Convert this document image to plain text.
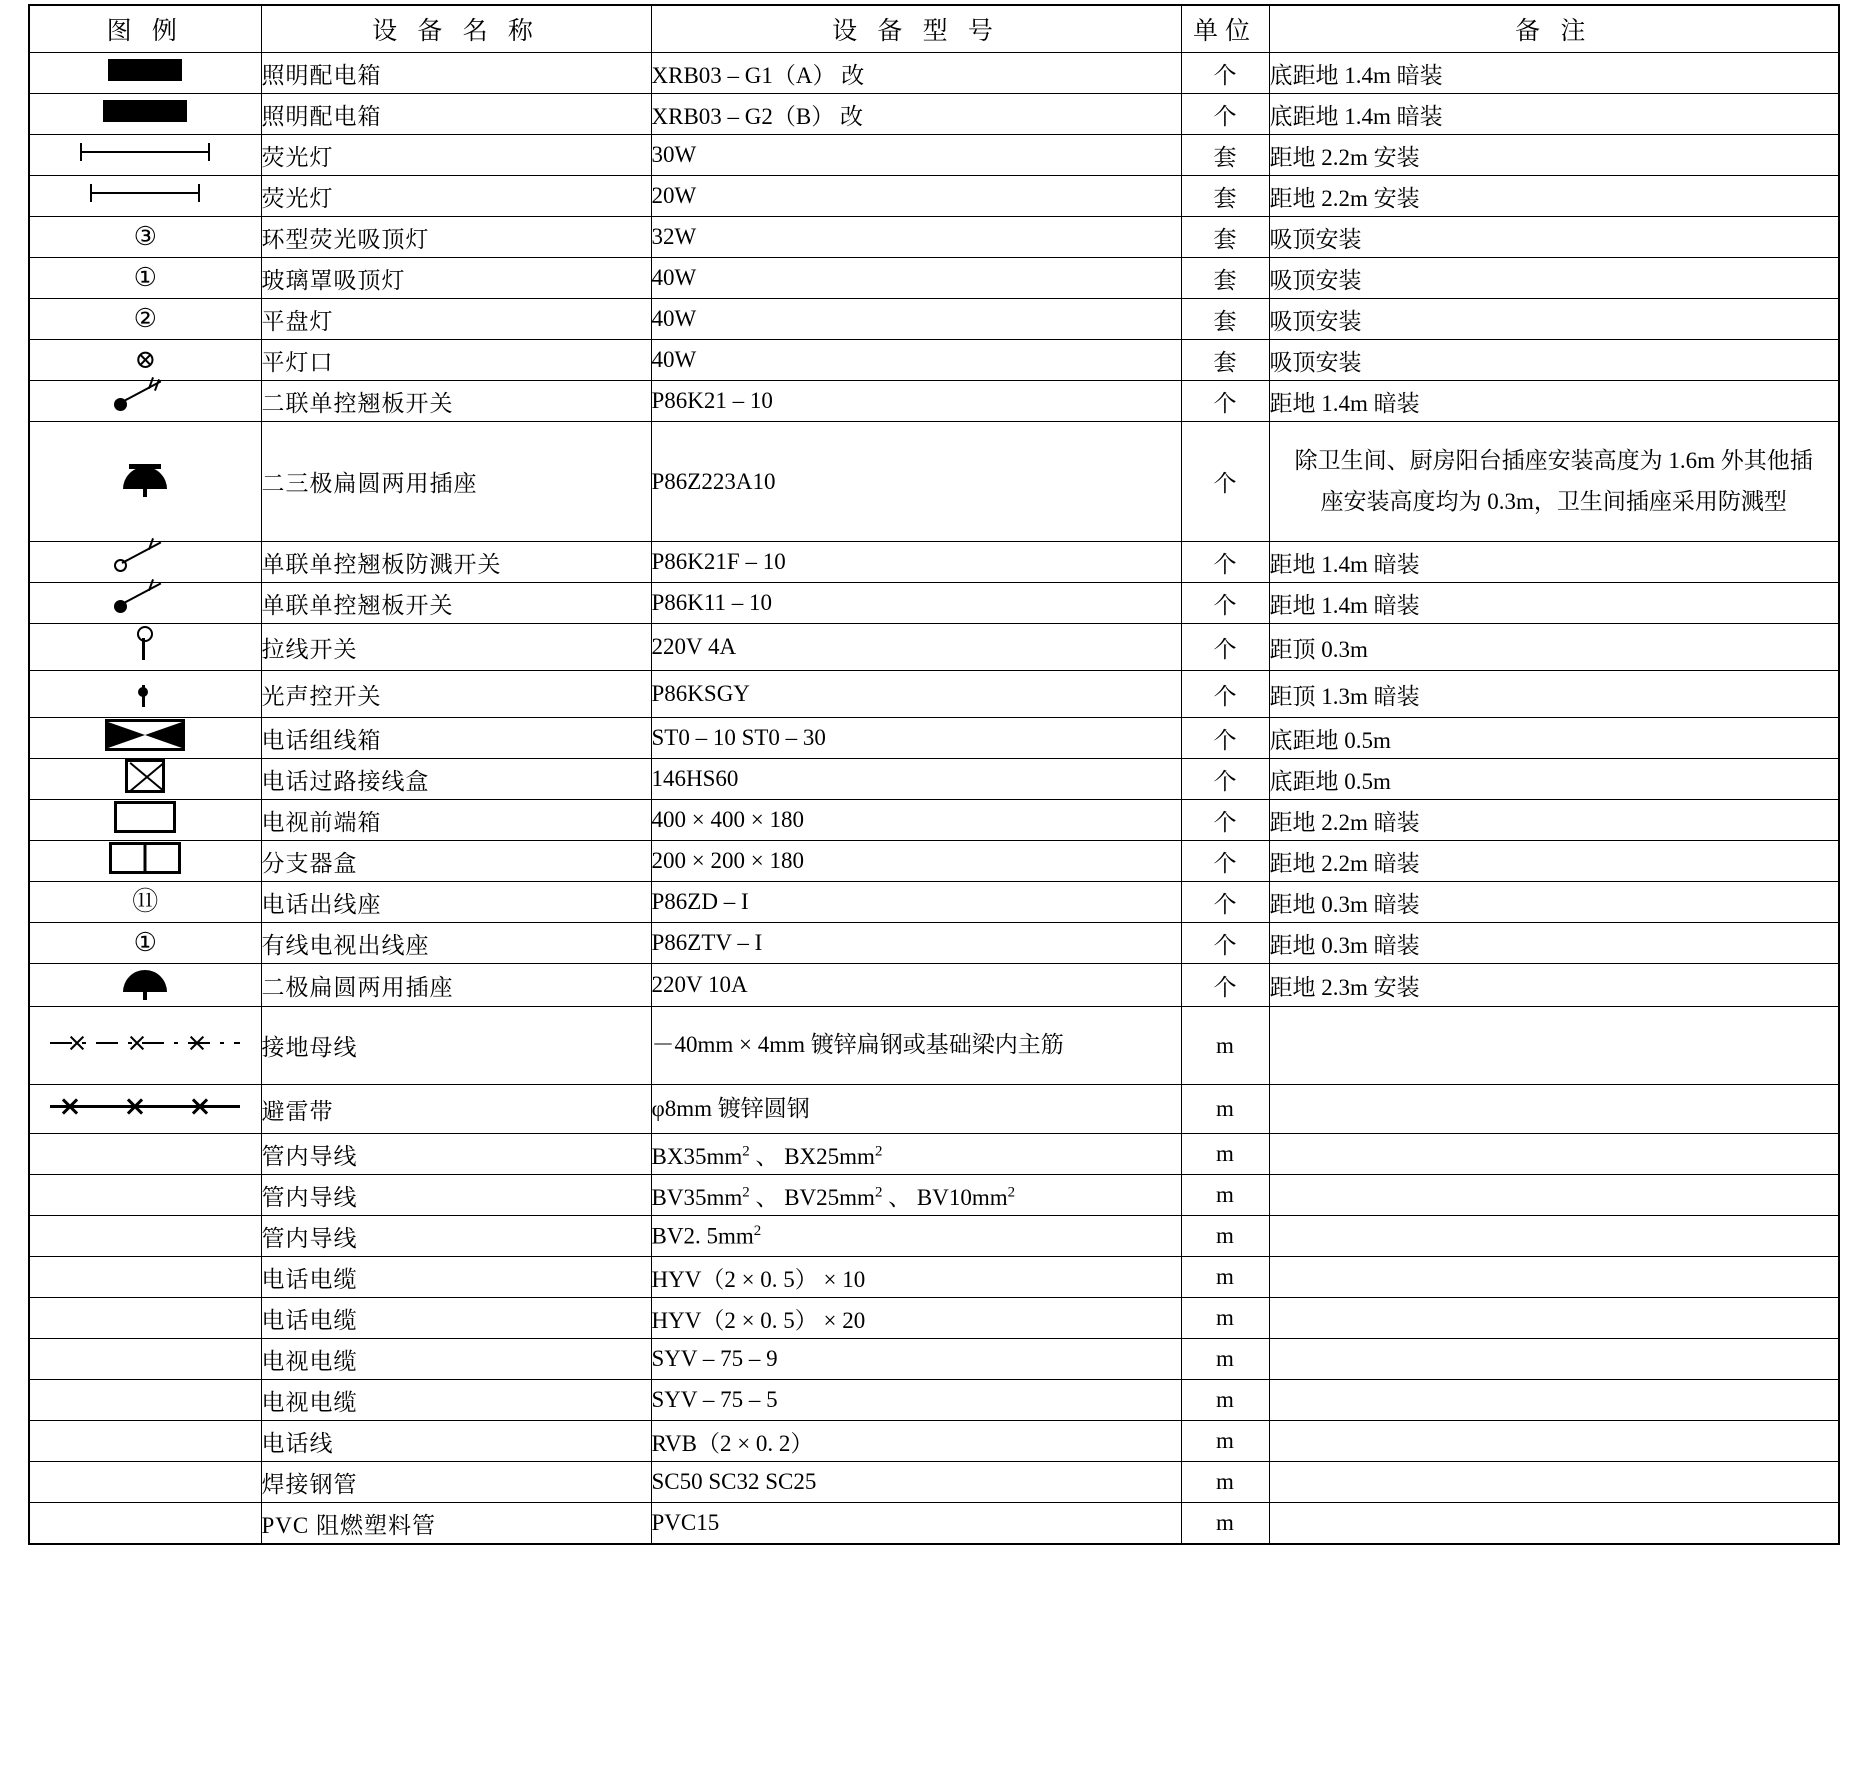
图 例	设 备 名 称	设 备 型 号	单位	备 注
	照明配电箱	XRB03 – G1（A） 改	个	底距地 1.4m 暗装
	照明配电箱	XRB03 – G2（B） 改	个	底距地 1.4m 暗装

	荧光灯	30W	套	距地 2.2m 安装

	荧光灯	20W	套	距地 2.2m 安装
③	环型荧光吸顶灯	32W	套	吸顶安装
①	玻璃罩吸顶灯	40W	套	吸顶安装
②	平盘灯	40W	套	吸顶安装
⊗	平灯口	40W	套	吸顶安装

	二联单控翘板开关	P86K21 – 10	个	距地 1.4m 暗装

	二三极扁圆两用插座	P86Z223A10	个	除卫生间、厨房阳台插座安装高度为 1.6m 外其他插座安装高度均为 0.3m，卫生间插座采用防溅型

	单联单控翘板防溅开关	P86K21F – 10	个	距地 1.4m 暗装

	单联单控翘板开关	P86K11 – 10	个	距地 1.4m 暗装

	拉线开关	220V 4A	个	距顶 0.3m

	光声控开关	P86KSGY	个	距顶 1.3m 暗装

	电话组线箱	ST0 – 10 ST0 – 30	个	底距地 0.5m
	电话过路接线盒	146HS60	个	底距地 0.5m
	电视前端箱	400 × 400 × 180	个	距地 2.2m 暗装
	分支器盒	200 × 200 × 180	个	距地 2.2m 暗装
⑪	电话出线座	P86ZD – I	个	距地 0.3m 暗装
①	有线电视出线座	P86ZTV – I	个	距地 0.3m 暗装

	二极扁圆两用插座	220V 10A	个	距地 2.3m 安装

	接地母线	－40mm × 4mm 镀锌扁钢或基础梁内主筋	m	

	避雷带	φ8mm 镀锌圆钢	m	
	管内导线	$BX35mm^2$ 、 $BX25mm^2$	m	
	管内导线	$BV35mm^2$ 、 $BV25mm^2$ 、 $BV10mm^2$	m	
	管内导线	BV2. $5mm^2$	m	
	电话电缆	HYV（2 × 0. 5） × 10	m	
	电话电缆	HYV（2 × 0. 5） × 20	m	
	电视电缆	SYV – 75 – 9	m	
	电视电缆	SYV – 75 – 5	m	
	电话线	RVB（2 × 0. 2）	m	
	焊接钢管	SC50 SC32 SC25	m	
	PVC 阻燃塑料管	PVC15	m	
